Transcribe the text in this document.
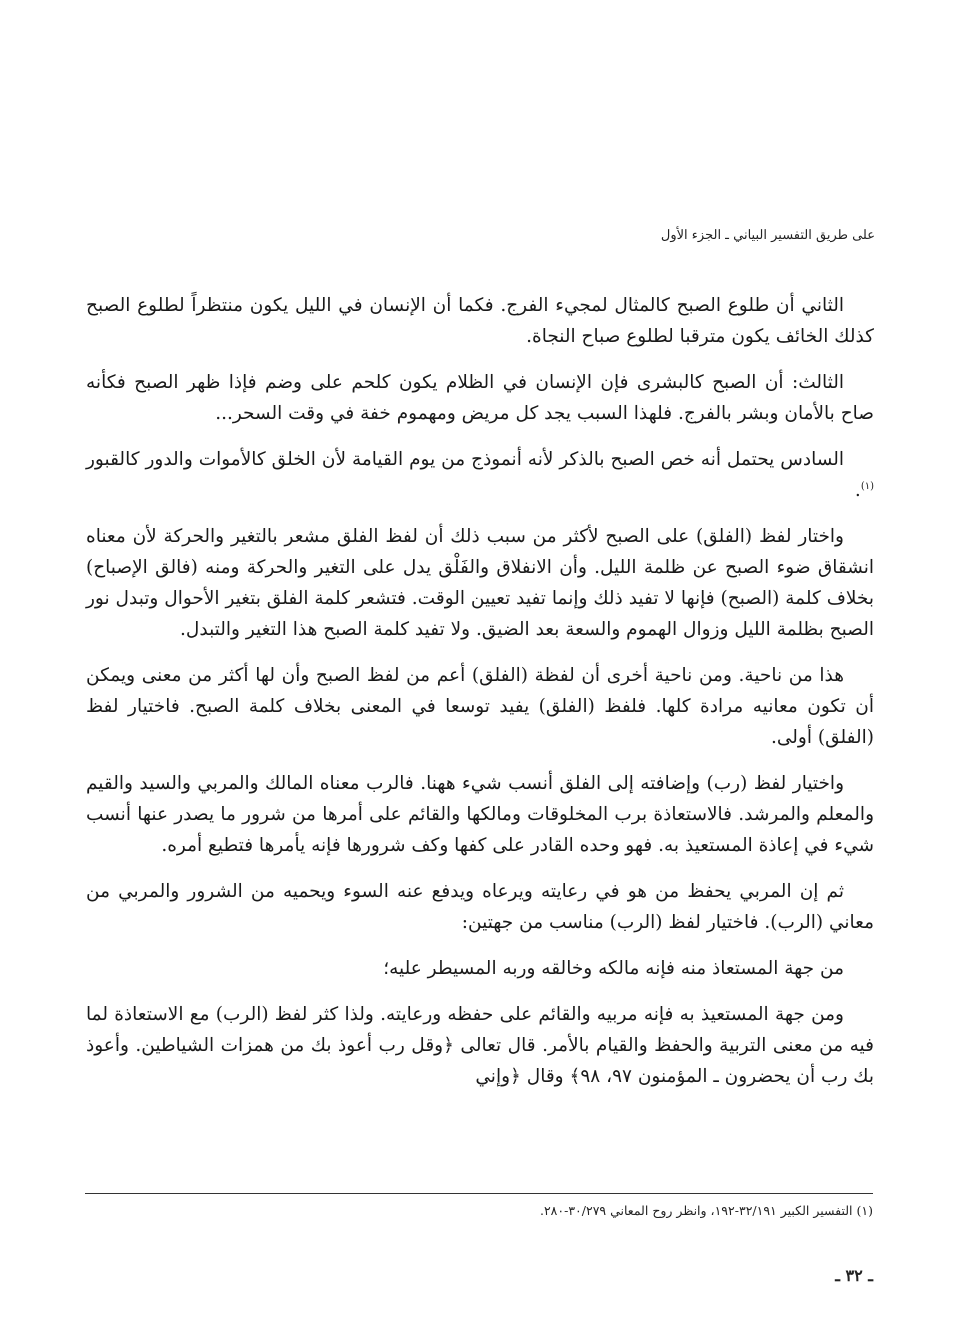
على طريق التفسير البياني ـ الجزء الأول

الثاني أن طلوع الصبح كالمثال لمجيء الفرج. فكما أن الإنسان في الليل يكون منتظراً لطلوع الصبح كذلك الخائف يكون مترقبا لطلوع صباح النجاة.

الثالث: أن الصبح كالبشرى فإن الإنسان في الظلام يكون كلحم على وضم فإذا ظهر الصبح فكأنه صاح بالأمان وبشر بالفرج. فلهذا السبب يجد كل مريض ومهموم خفة في وقت السحر...

السادس يحتمل أنه خص الصبح بالذكر لأنه أنموذج من يوم القيامة لأن الخلق كالأموات والدور كالقبور $^{(١)}$.

واختار لفظ (الفلق) على الصبح لأكثر من سبب ذلك أن لفظ الفلق مشعر بالتغير والحركة لأن معناه انشقاق ضوء الصبح عن ظلمة الليل. وأن الانفلاق والفَلْق يدل على التغير والحركة ومنه (فالق الإصباح) بخلاف كلمة (الصبح) فإنها لا تفيد ذلك وإنما تفيد تعيين الوقت. فتشعر كلمة الفلق بتغير الأحوال وتبدل نور الصبح بظلمة الليل وزوال الهموم والسعة بعد الضيق. ولا تفيد كلمة الصبح هذا التغير والتبدل.

هذا من ناحية. ومن ناحية أخرى أن لفظة (الفلق) أعم من لفظ الصبح وأن لها أكثر من معنى ويمكن أن تكون معانيه مرادة كلها. فلفظ (الفلق) يفيد توسعا في المعنى بخلاف كلمة الصبح. فاختيار لفظ (الفلق) أولى.

واختيار لفظ (رب) وإضافته إلى الفلق أنسب شيء ههنا. فالرب معناه المالك والمربي والسيد والقيم والمعلم والمرشد. فالاستعاذة برب المخلوقات ومالكها والقائم على أمرها من شرور ما يصدر عنها أنسب شيء في إعاذة المستعيذ به. فهو وحده القادر على كفها وكف شرورها فإنه يأمرها فتطيع أمره.

ثم إن المربي يحفظ من هو في رعايته ويرعاه ويدفع عنه السوء ويحميه من الشرور والمربي من معاني (الرب). فاختيار لفظ (الرب) مناسب من جهتين:

من جهة المستعاذ منه فإنه مالكه وخالقه وربه المسيطر عليه؛

ومن جهة المستعيذ به فإنه مربيه والقائم على حفظه ورعايته. ولذا كثر لفظ (الرب) مع الاستعاذة لما فيه من معنى التربية والحفظ والقيام بالأمر. قال تعالى ﴿وقل رب أعوذ بك من همزات الشياطين. وأعوذ بك رب أن يحضرون ـ المؤمنون ٩٧، ٩٨﴾ وقال ﴿وإني

(١) التفسير الكبير ٣٢/١٩١-١٩٢، وانظر روح المعاني ٣٠/٢٧٩-٢٨٠.
ـ ٣٢ ـ
